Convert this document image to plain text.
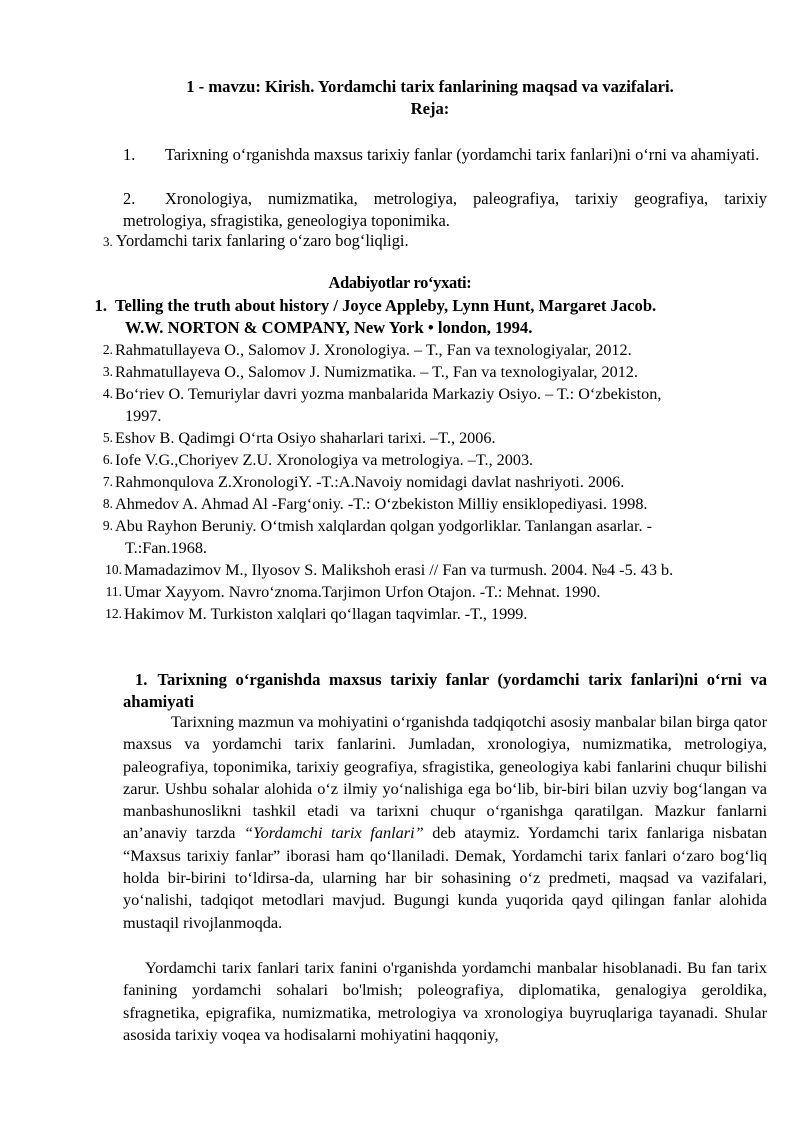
1 - mavzu: Kirish. Yordamchi tarix fanlarining maqsad va vazifalari.
Reja:
1. Tarixning o‘rganishda maxsus tarixiy fanlar (yordamchi tarix fanlari)ni o‘rni va ahamiyati.
2. Xronologiya, numizmatika, metrologiya, paleografiya, tarixiy geografiya, tarixiy metrologiya, sfragistika, geneologiya toponimika.
3. Yordamchi tarix fanlaring o‘zaro bog‘liqligi.
Adabiyotlar ro‘yxati:
1. Telling the truth about history / Joyce Appleby, Lynn Hunt, Margaret Jacob.
W.W. NORTON & COMPANY, New York • london, 1994.
2. Rahmatullayeva O., Salomov J. Xronologiya. – T., Fan va texnologiyalar, 2012.
3. Rahmatullayeva O., Salomov J. Numizmatika. – T., Fan va texnologiyalar, 2012.
4. Bo‘riev O. Temuriylar davri yozma manbalarida Markaziy Osiyo. – T.: O‘zbekiston,
1997.
5. Eshov B. Qadimgi O‘rta Osiyo shaharlari tarixi. –T., 2006.
6. Iofe V.G.,Choriyev Z.U. Xronologiya va metrologiya. –T., 2003.
7. Rahmonqulova Z.XronologiY. -T.:A.Navoiy nomidagi davlat nashriyoti. 2006.
8. Ahmedov A. Ahmad Al -Farg‘oniy. -T.: O‘zbekiston Milliy ensiklopediyasi. 1998.
9. Abu Rayhon Beruniy. O‘tmish xalqlardan qolgan yodgorliklar. Tanlangan asarlar. -
T.:Fan.1968.
10. Mamadazimov M., Ilyosov S. Malikshoh erasi // Fan va turmush. 2004. №4 -5. 43 b.
11. Umar Xayyom. Navro‘znoma.Tarjimon Urfon Otajon. -T.: Mehnat. 1990.
12. Hakimov M. Turkiston xalqlari qo‘llagan taqvimlar. -T., 1999.
1. Tarixning o‘rganishda maxsus tarixiy fanlar (yordamchi tarix fanlari)ni o‘rni va ahamiyati
Tarixning mazmun va mohiyatini o‘rganishda tadqiqotchi asosiy manbalar bilan birga qator maxsus va yordamchi tarix fanlarini. Jumladan, xronologiya, numizmatika, metrologiya, paleografiya, toponimika, tarixiy geografiya, sfragistika, geneologiya kabi fanlarini chuqur bilishi zarur. Ushbu sohalar alohida o‘z ilmiy yo‘nalishiga ega bo‘lib, bir-biri bilan uzviy bog‘langan va manbashunoslikni tashkil etadi va tarixni chuqur o‘rganishga qaratilgan. Mazkur fanlarni an’anaviy tarzda “Yordamchi tarix fanlari” deb ataymiz. Yordamchi tarix fanlariga nisbatan “Maxsus tarixiy fanlar” iborasi ham qo‘llaniladi. Demak, Yordamchi tarix fanlari o‘zaro bog‘liq holda bir-birini to‘ldirsa-da, ularning har bir sohasining o‘z predmeti, maqsad va vazifalari, yo‘nalishi, tadqiqot metodlari mavjud. Bugungi kunda yuqorida qayd qilingan fanlar alohida mustaqil rivojlanmoqda.
Yordamchi tarix fanlari tarix fanini o'rganishda yordamchi manbalar hisoblanadi. Bu fan tarix fanining yordamchi sohalari bo'lmish; poleografiya, diplomatika, genalogiya geroldika, sfragnetika, epigrafika, numizmatika, metrologiya va xronologiya buyruqlariga tayanadi. Shular asosida tarixiy voqea va hodisalarni mohiyatini haqqoniy,
